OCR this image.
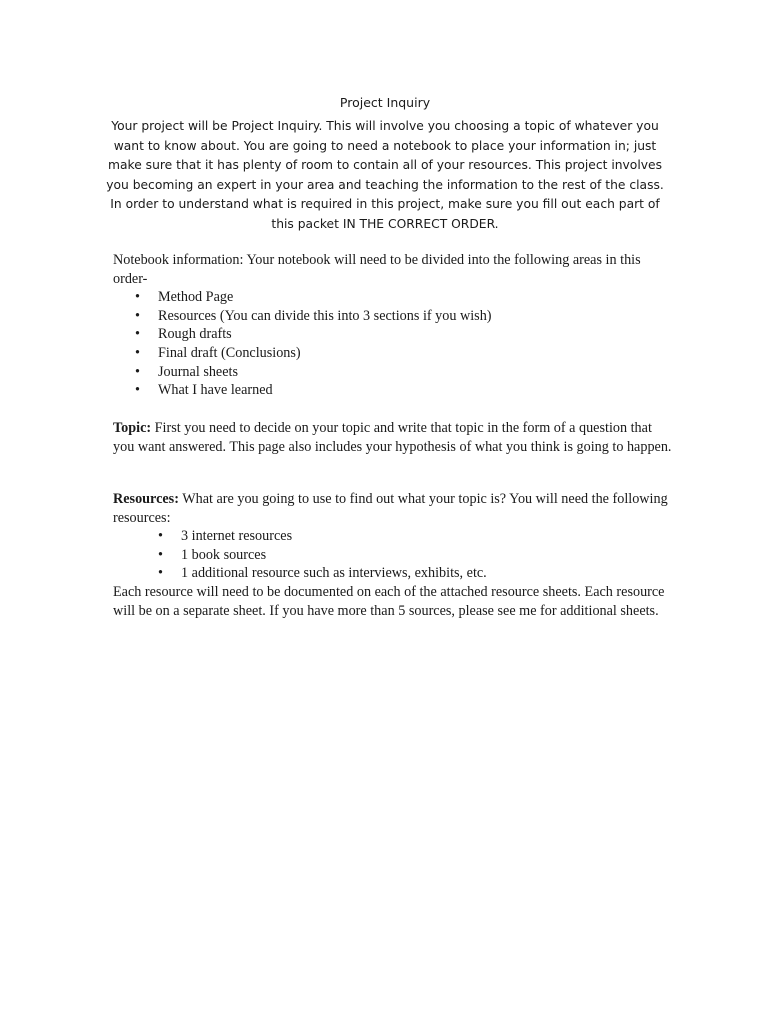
Project Inquiry
Your project will be Project Inquiry. This will involve you choosing a topic of whatever you want to know about. You are going to need a notebook to place your information in; just make sure that it has plenty of room to contain all of your resources. This project involves you becoming an expert in your area and teaching the information to the rest of the class. In order to understand what is required in this project, make sure you fill out each part of this packet IN THE CORRECT ORDER.

Notebook information: Your notebook will need to be divided into the following areas in this order-

• Method Page
• Resources (You can divide this into 3 sections if you wish)
• Rough drafts
• Final draft (Conclusions)
• Journal sheets
• What I have learned

Topic: First you need to decide on your topic and write that topic in the form of a question that you want answered. This page also includes your hypothesis of what you think is going to happen.

Resources: What are you going to use to find out what your topic is? You will need the following resources:

• 3 internet resources
• 1 book sources
• 1 additional resource such as interviews, exhibits, etc.

Each resource will need to be documented on each of the attached resource sheets. Each resource will be on a separate sheet. If you have more than 5 sources, please see me for additional sheets.
